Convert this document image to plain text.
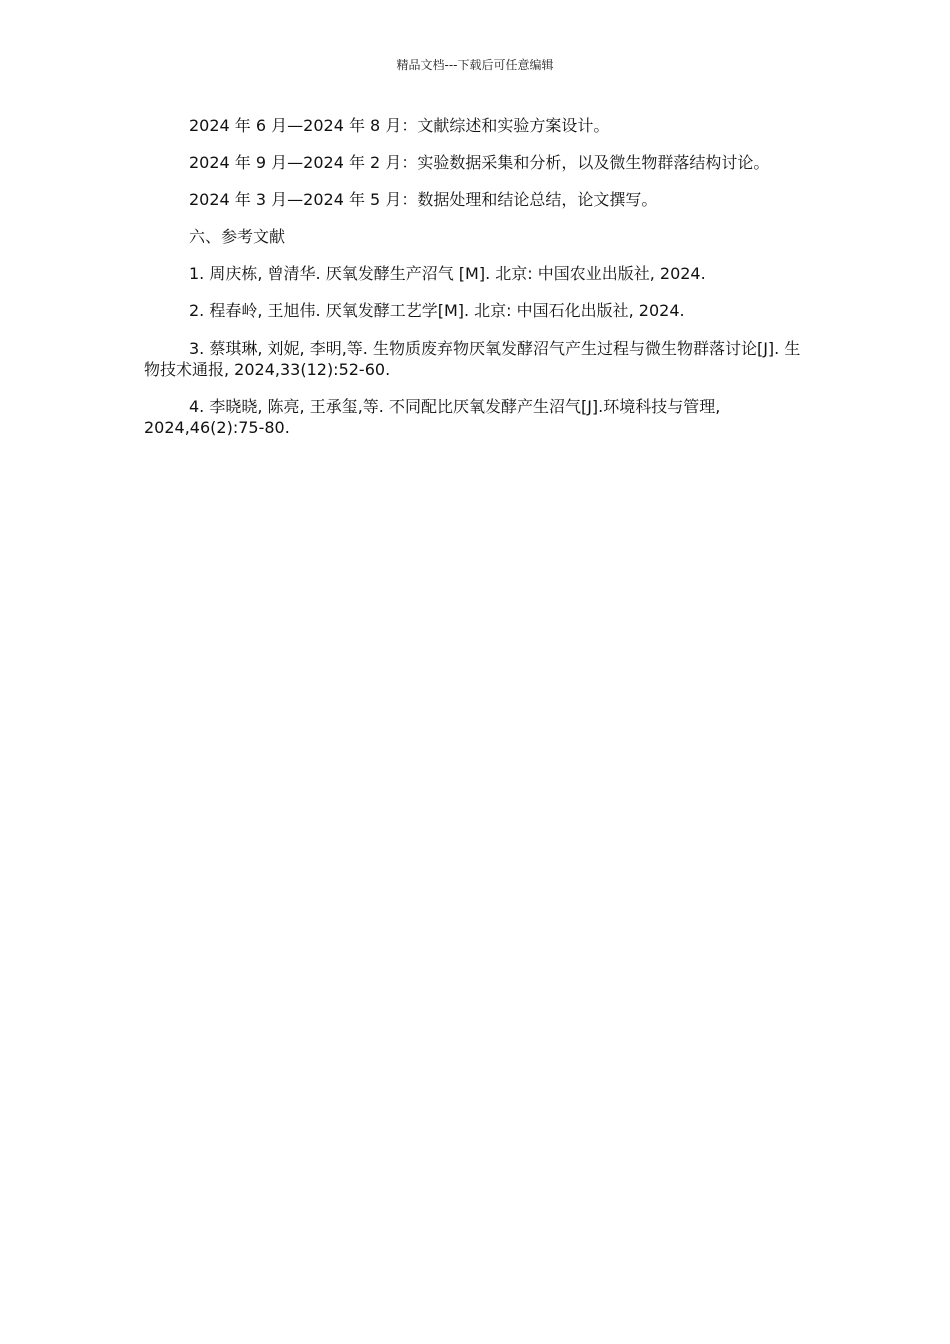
精品文档---下载后可任意编辑

2024 年 6 月—2024 年 8 月：文献综述和实验方案设计。

2024 年 9 月—2024 年 2 月：实验数据采集和分析，以及微生物群落结构讨论。

2024 年 3 月—2024 年 5 月：数据处理和结论总结，论文撰写。

六、参考文献

1. 周庆栋, 曾清华. 厌氧发酵生产沼气 [M]. 北京: 中国农业出版社, 2024.

2. 程春岭, 王旭伟. 厌氧发酵工艺学[M]. 北京: 中国石化出版社, 2024.

3. 蔡琪琳, 刘妮, 李明,等. 生物质废弃物厌氧发酵沼气产生过程与微生物群落讨论[J]. 生物技术通报, 2024,33(12):52-60.

4. 李晓晓, 陈亮, 王承玺,等. 不同配比厌氧发酵产生沼气[J].环境科技与管理, 2024,46(2):75-80.
